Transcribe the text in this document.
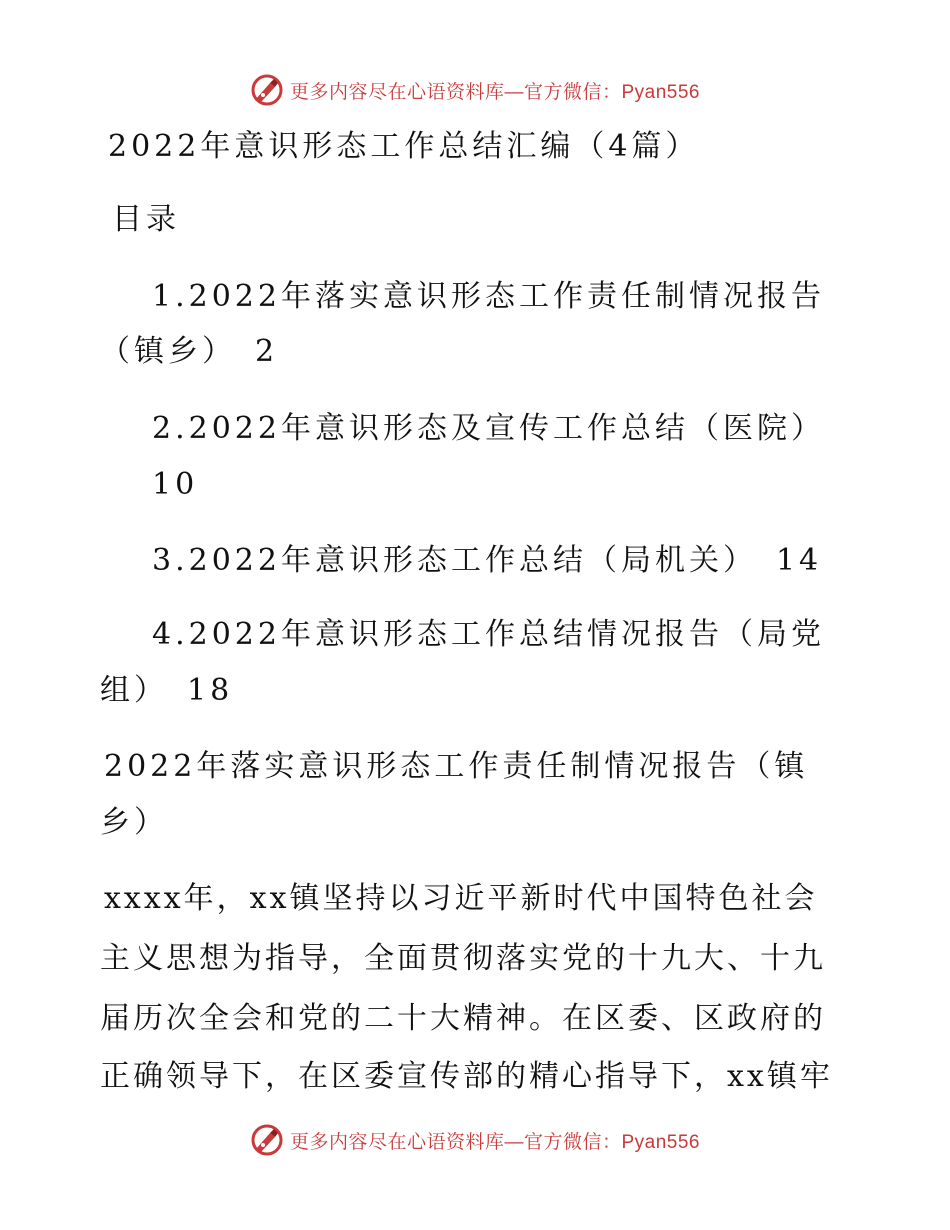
更多内容尽在心语资料库—官方微信：Pyan556
2022年意识形态工作总结汇编（4篇）
目录
1.2022年落实意识形态工作责任制情况报告
（镇乡）　2
2.2022年意识形态及宣传工作总结（医院）
10
3.2022年意识形态工作总结（局机关）　14
4.2022年意识形态工作总结情况报告（局党
组）　18
2022年落实意识形态工作责任制情况报告（镇
乡）
xxxx年，xx镇坚持以习近平新时代中国特色社会
主义思想为指导，全面贯彻落实党的十九大、十九
届历次全会和党的二十大精神。在区委、区政府的
正确领导下，在区委宣传部的精心指导下，xx镇牢
更多内容尽在心语资料库—官方微信：Pyan556
